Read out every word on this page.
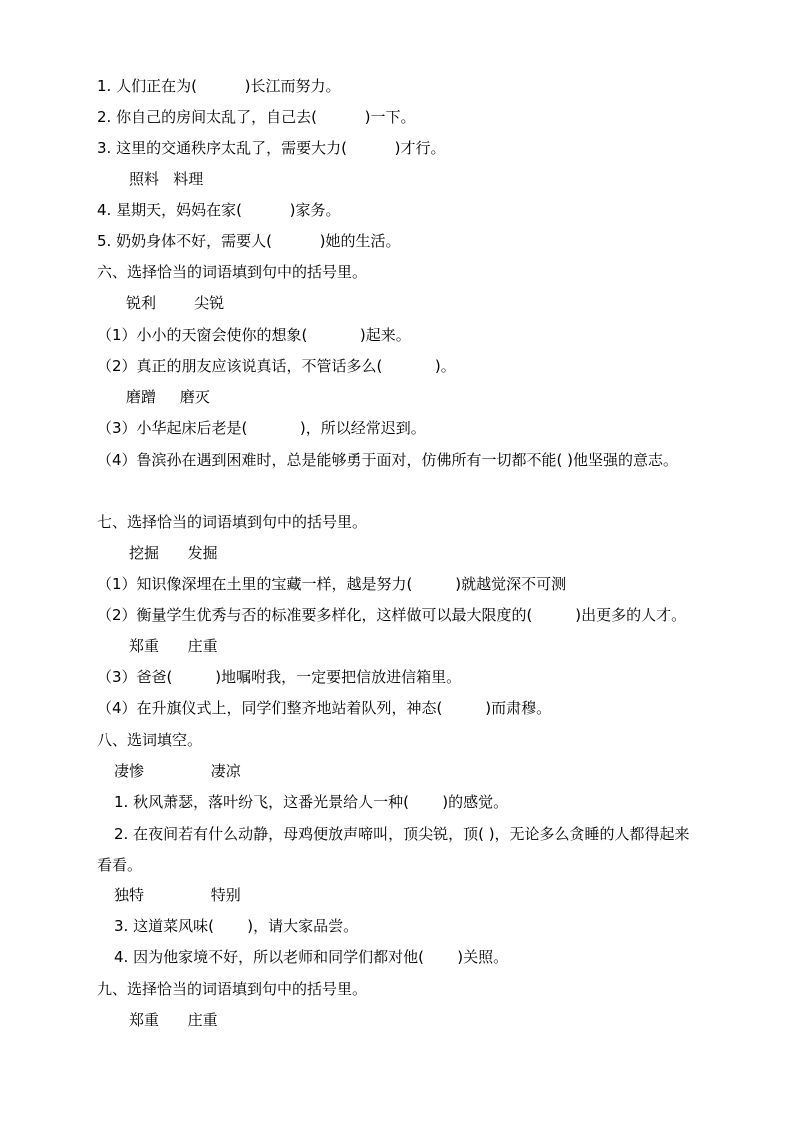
1. 人们正在为(          )长江而努力。
2. 你自己的房间太乱了，自己去(          )一下。
3. 这里的交通秩序太乱了，需要大力(          )才行。
照料   料理
4. 星期天，妈妈在家(          )家务。
5. 奶奶身体不好，需要人(          )她的生活。
六、选择恰当的词语填到句中的括号里。
锐利        尖锐
（1）小小的天窗会使你的想象(           )起来。
（2）真正的朋友应该说真话，不管话多么(           )。
磨蹭     磨灭
（3）小华起床后老是(           )，所以经常迟到。
（4）鲁滨孙在遇到困难时，总是能够勇于面对，仿佛所有一切都不能( )他坚强的意志。
七、选择恰当的词语填到句中的括号里。
挖掘      发掘
（1）知识像深埋在土里的宝藏一样，越是努力(         )就越觉深不可测
（2）衡量学生优秀与否的标准要多样化，这样做可以最大限度的(         )出更多的人才。
郑重      庄重
（3）爸爸(         )地嘱咐我，一定要把信放进信箱里。
（4）在升旗仪式上，同学们整齐地站着队列，神态(         )而肃穆。
八、选词填空。
凄惨              凄凉
1. 秋风萧瑟，落叶纷飞，这番光景给人一种(       )的感觉。
2. 在夜间若有什么动静，母鸡便放声啼叫，顶尖锐，顶( )，无论多么贪睡的人都得起来看看。
独特              特别
3. 这道菜风味(       )，请大家品尝。
4. 因为他家境不好，所以老师和同学们都对他(       )关照。
九、选择恰当的词语填到句中的括号里。
郑重      庄重
